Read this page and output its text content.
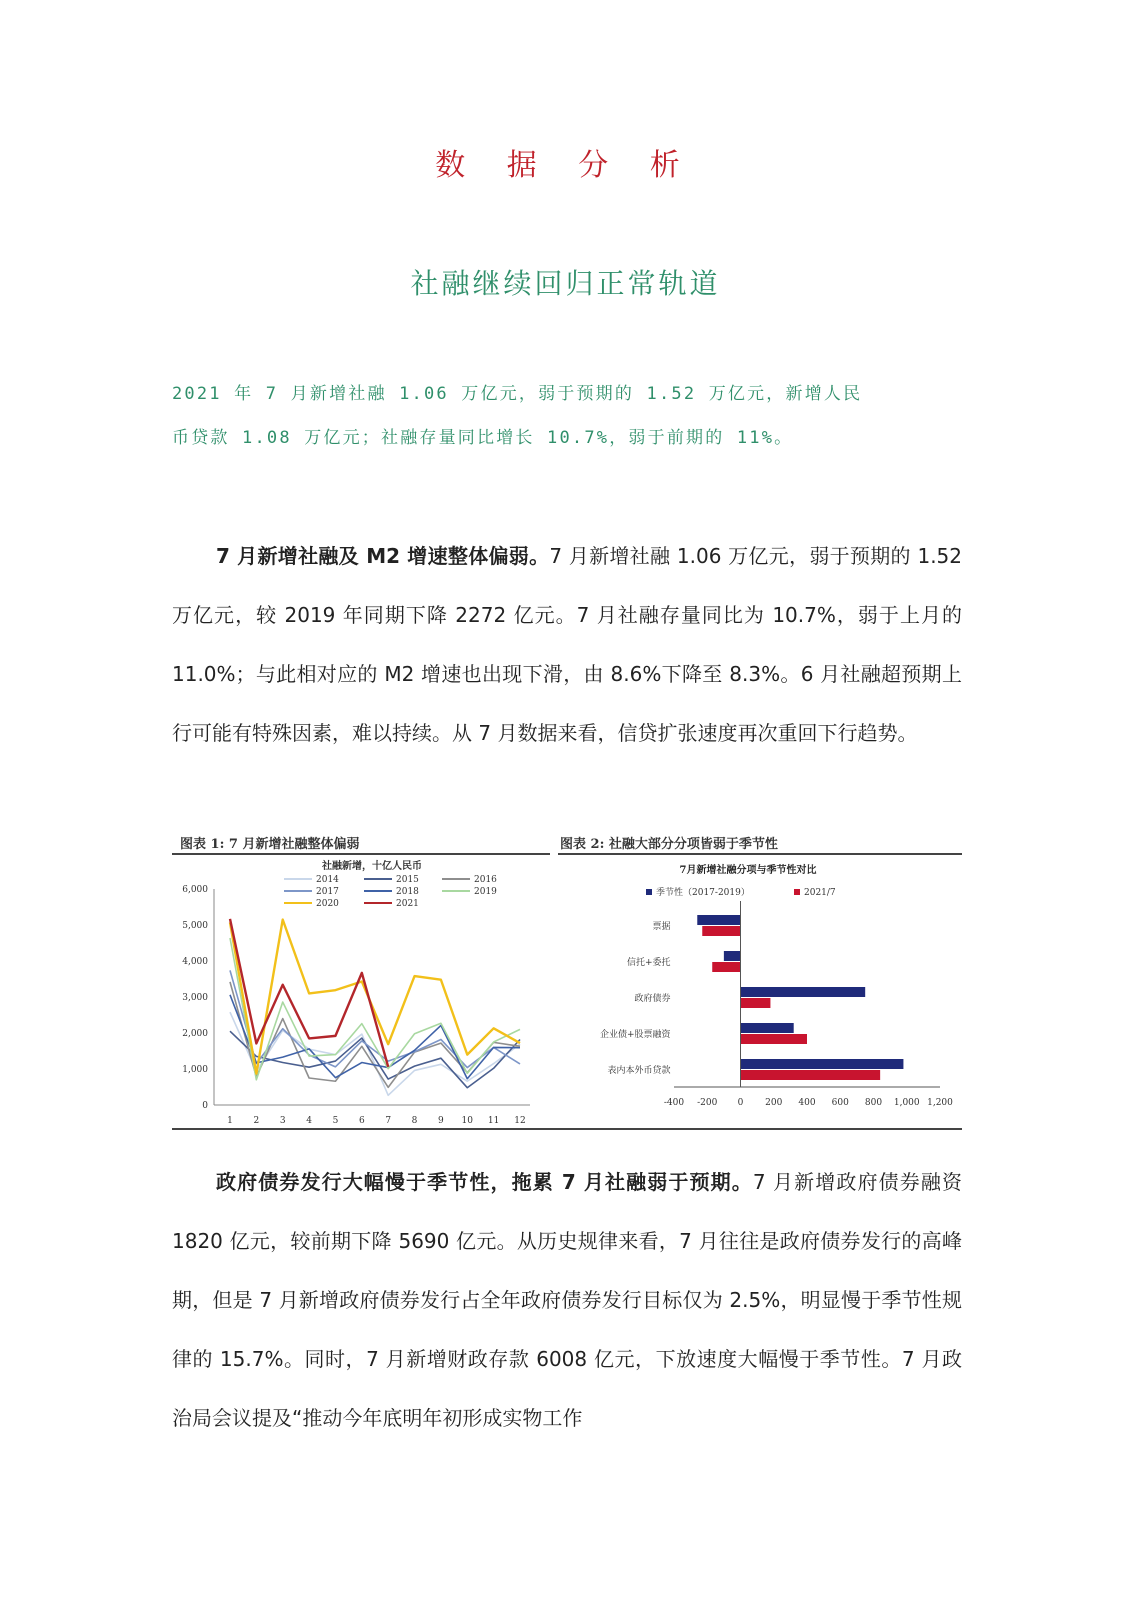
数 据 分 析
社融继续回归正常轨道
2021 年 7 月新增社融 1.06 万亿元，弱于预期的 1.52 万亿元，新增人民
币贷款 1.08 万亿元；社融存量同比增长 10.7%，弱于前期的 11%。
7 月新增社融及 M2 增速整体偏弱。7 月新增社融 1.06 万亿元，弱于预期的 1.52 万亿元，较 2019 年同期下降 2272 亿元。7 月社融存量同比为 10.7%，弱于上月的 11.0%；与此相对应的 M2 增速也出现下滑，由 8.6%下降至 8.3%。6 月社融超预期上行可能有特殊因素，难以持续。从 7 月数据来看，信贷扩张速度再次重回下行趋势。
图表 1: 7 月新增社融整体偏弱	图表 2: 社融大部分分项皆弱于季节性
社融新增，十亿人民币
0
1,000
2,000
3,000
4,000
5,000
6,000
1 2 3 4 5 6 7 8 9 10 11 12
2014	2015	2016
2017	2018	2019
2020	2021
7月新增社融分项与季节性对比
季节性（2017-2019）	2021/7
票据
信托+委托
政府债券
企业债+股票融资
表内本外币贷款
-400 -200 0 200 400 600 800 1,000 1,200
政府债券发行大幅慢于季节性，拖累 7 月社融弱于预期。7 月新增政府债券融资 1820 亿元，较前期下降 5690 亿元。从历史规律来看，7 月往往是政府债券发行的高峰期，但是 7 月新增政府债券发行占全年政府债券发行目标仅为 2.5%，明显慢于季节性规律的 15.7%。同时，7 月新增财政存款 6008 亿元，下放速度大幅慢于季节性。7 月政治局会议提及“推动今年底明年初形成实物工作
